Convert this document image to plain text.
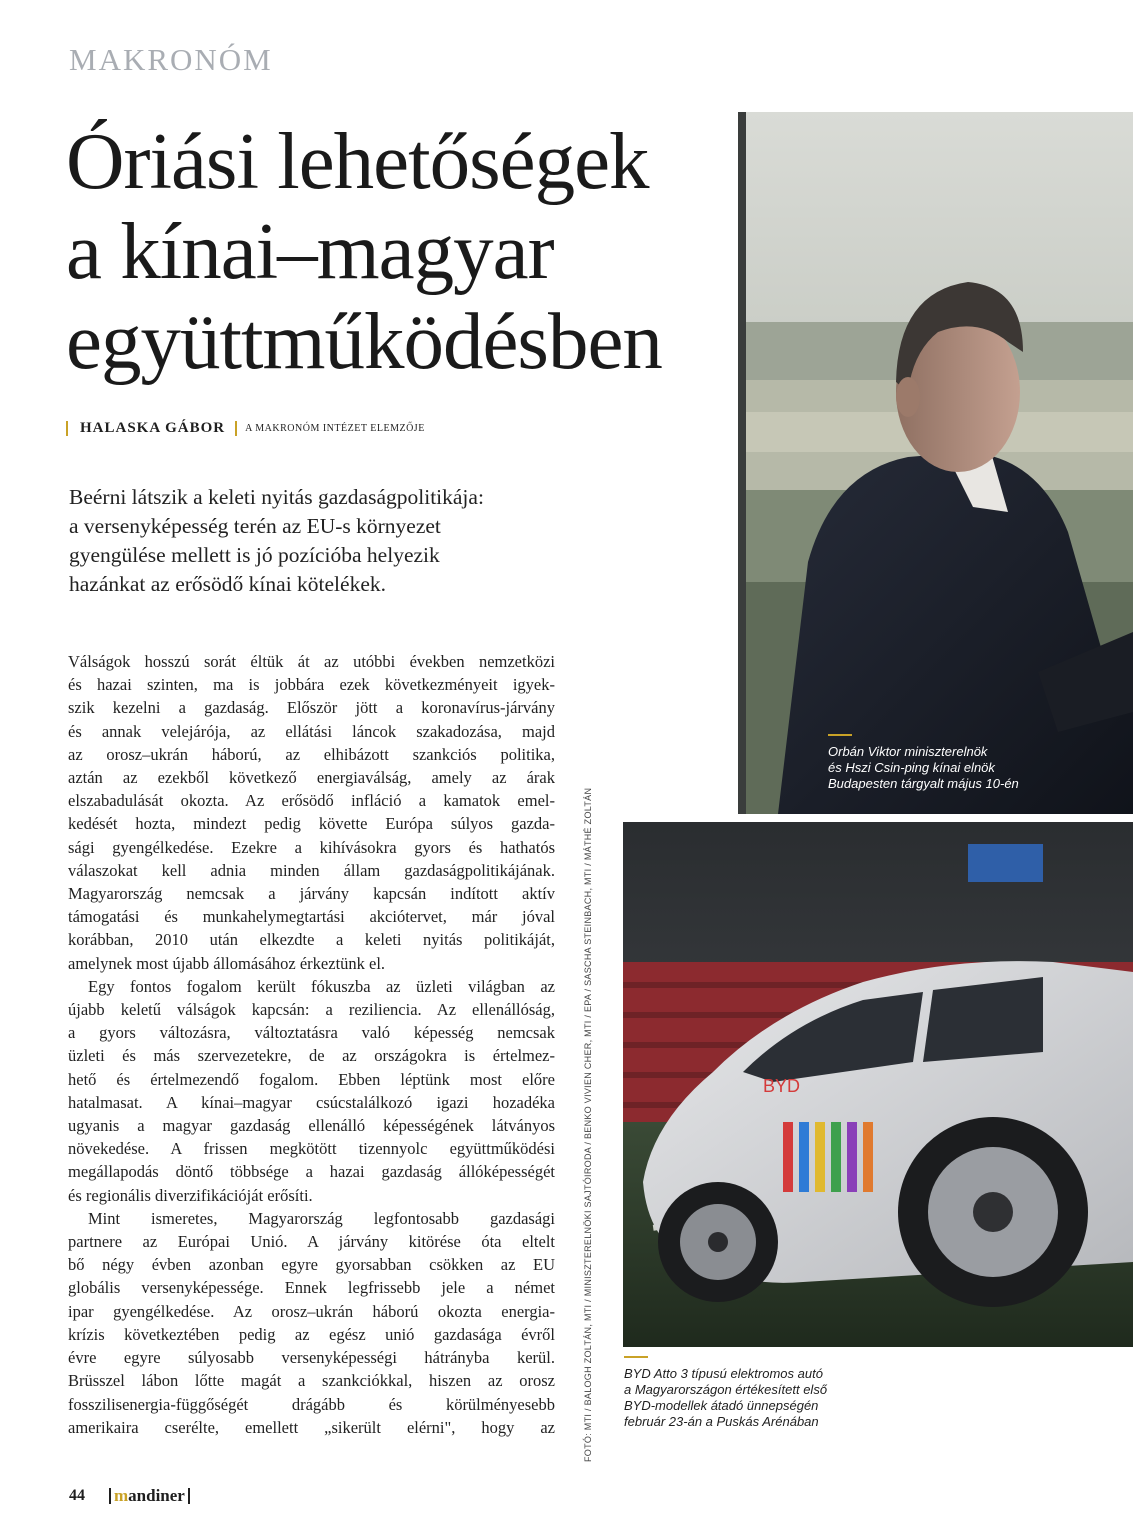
MAKRONÓM

Óriási lehetőségek
a kínai–magyar
együttműködésben
HALASKA GÁBOR A MAKRONÓM INTÉZET ELEMZŐJE

Beérni látszik a keleti nyitás gazdaságpolitikája:
a versenyképesség terén az EU-s környezet
gyengülése mellett is jó pozícióba helyezik
hazánkat az erősödő kínai kötelékek.

Válságok hosszú sorát éltük át az utóbbi években nemzetközi
és hazai szinten, ma is jobbára ezek következményeit igyek-
szik kezelni a gazdaság. Először jött a koronavírus-járvány
és annak velejárója, az ellátási láncok szakadozása, majd
az orosz–ukrán háború, az elhibázott szankciós politika,
aztán az ezekből következő energiaválság, amely az árak
elszabadulását okozta. Az erősödő infláció a kamatok emel-
kedését hozta, mindezt pedig követte Európa súlyos gazda-
sági gyengélkedése. Ezekre a kihívásokra gyors és hathatós
válaszokat kell adnia minden állam gazdaságpolitikájának.
Magyarország nemcsak a járvány kapcsán indított aktív
támogatási és munkahelymegtartási akciótervet, már jóval
korábban, 2010 után elkezdte a keleti nyitás politikáját,
amelynek most újabb állomásához érkeztünk el.
Egy fontos fogalom került fókuszba az üzleti világban az
újabb keletű válságok kapcsán: a reziliencia. Az ellenállóság,
a gyors változásra, változtatásra való képesség nemcsak
üzleti és más szervezetekre, de az országokra is értelmez-
hető és értelmezendő fogalom. Ebben léptünk most előre
hatalmasat. A kínai–magyar csúcstalálkozó igazi hozadéka
ugyanis a magyar gazdaság ellenálló képességének látványos
növekedése. A frissen megkötött tizennyolc együttműködési
megállapodás döntő többsége a hazai gazdaság állóképességét
és regionális diverzifikációját erősíti.
Mint ismeretes, Magyarország legfontosabb gazdasági
partnere az Európai Unió. A járvány kitörése óta eltelt
bő négy évben azonban egyre gyorsabban csökken az EU
globális versenyképessége. Ennek legfrissebb jele a német
ipar gyengélkedése. Az orosz–ukrán háború okozta energia-
krízis következtében pedig az egész unió gazdasága évről
évre egyre súlyosabb versenyképességi hátrányba kerül.
Brüsszel lábon lőtte magát a szankciókkal, hiszen az orosz
fosszilisenergia-függőségét drágább és körülményesebb
amerikaira cserélte, emellett „sikerült elérni", hogy az
Orbán Viktor miniszterelnök
és Hszi Csin-ping kínai elnök
Budapesten tárgyalt május 10-én
BYD
BYD Atto 3 típusú elektromos autó
a Magyarországon értékesített első
BYD-modellek átadó ünnepségén
február 23-án a Puskás Arénában
FOTÓ: MTI / BALOGH ZOLTÁN, MTI / MINISZTERELNÖKI SAJTÓIRODA / BENKO VIVIEN CHER, MTI / EPA / SASCHA STEINBACH, MTI / MÁTHÉ ZOLTÁN
44 mandiner
